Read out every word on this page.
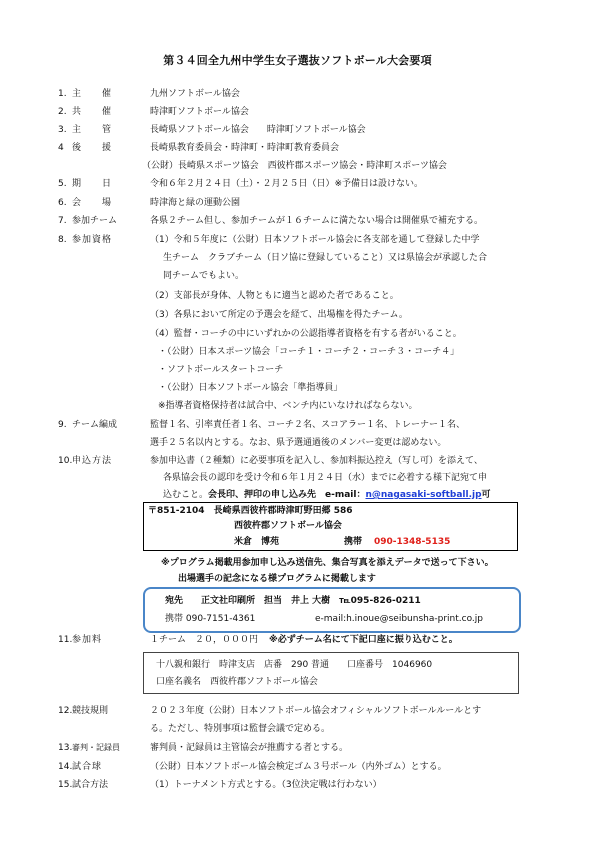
第３４回全九州中学生女子選抜ソフトボール大会要項
1. 主　　催	九州ソフトボール協会
2. 共　　催	時津町ソフトボール協会
3. 主　　管	長崎県ソフトボール協会　　時津町ソフトボール協会
4 後　　援	長崎県教育委員会・時津町・時津町教育委員会
（公財）長崎県スポーツ協会　西彼杵郡スポーツ協会・時津町スポーツ協会
5. 期　　日	令和６年２月２４日（土）・２月２５日（日）※予備日は設けない。
6. 会　　場	時津海と緑の運動公園
7. 参加チーム	各県２チーム但し、参加チームが１６チームに満たない場合は開催県で補充する。
8. 参加資格	（1）令和５年度に（公財）日本ソフトボール協会に各支部を通して登録した中学
生チーム　クラブチーム（日ソ協に登録していること）又は県協会が承認した合
同チームでもよい。
（2）支部長が身体、人物ともに適当と認めた者であること。
（3）各県において所定の予選会を経て、出場権を得たチーム。
（4）監督・コーチの中にいずれかの公認指導者資格を有する者がいること。
・（公財）日本スポーツ協会「コーチ１・コーチ２・コーチ３・コーチ４」
・ソフトボールスタートコーチ
・（公財）日本ソフトボール協会「準指導員」
※指導者資格保持者は試合中、ベンチ内にいなければならない。
9. チーム編成	監督１名、引率責任者１名、コーチ２名、スコアラー１名、トレーナー１名、
選手２５名以内とする。なお、県予選通過後のメンバー変更は認めない。
10. 申込方法	参加申込書（２種類）に必要事項を記入し、参加料振込控え（写し可）を添えて、
各県協会長の認印を受け令和６年１月２４日（水）までに必着する様下記宛て申
込むこと。会長印、押印の申し込み先　e-mail：n@nagasaki-softball.jp可
〒851-2104　長崎県西彼杵郡時津町野田郷 586
西彼杵郡ソフトボール協会
米倉　博苑	携帯 090-1348-5135
※プログラム掲載用参加申し込み送信先、集合写真を添えデータで送って下さい。
出場選手の記念になる様プログラムに掲載します
宛先　　正文社印刷所　担当　井上 大樹　℡095-826-0211
携帯 090-7151-4361	e-mail:h.inoue@seibunsha-print.co.jp
11. 参加料	１チーム　２０，０００円 ※必ずチーム名にて下記口座に振り込むこと。
十八親和銀行　時津支店　店番　290 普通　　口座番号　1046960
口座名義名　西彼杵郡ソフトボール協会
12. 競技規則	２０２３年度（公財）日本ソフトボール協会オフィシャルソフトボールルールとす
る。ただし、特別事項は監督会議で定める。
13. 審判・記録員	審判員・記録員は主管協会が推薦する者とする。
14. 試合球	（公財）日本ソフトボール協会検定ゴム３号ボール（内外ゴム）とする。
15. 試合方法	（1）トーナメント方式とする。（3位決定戦は行わない）
